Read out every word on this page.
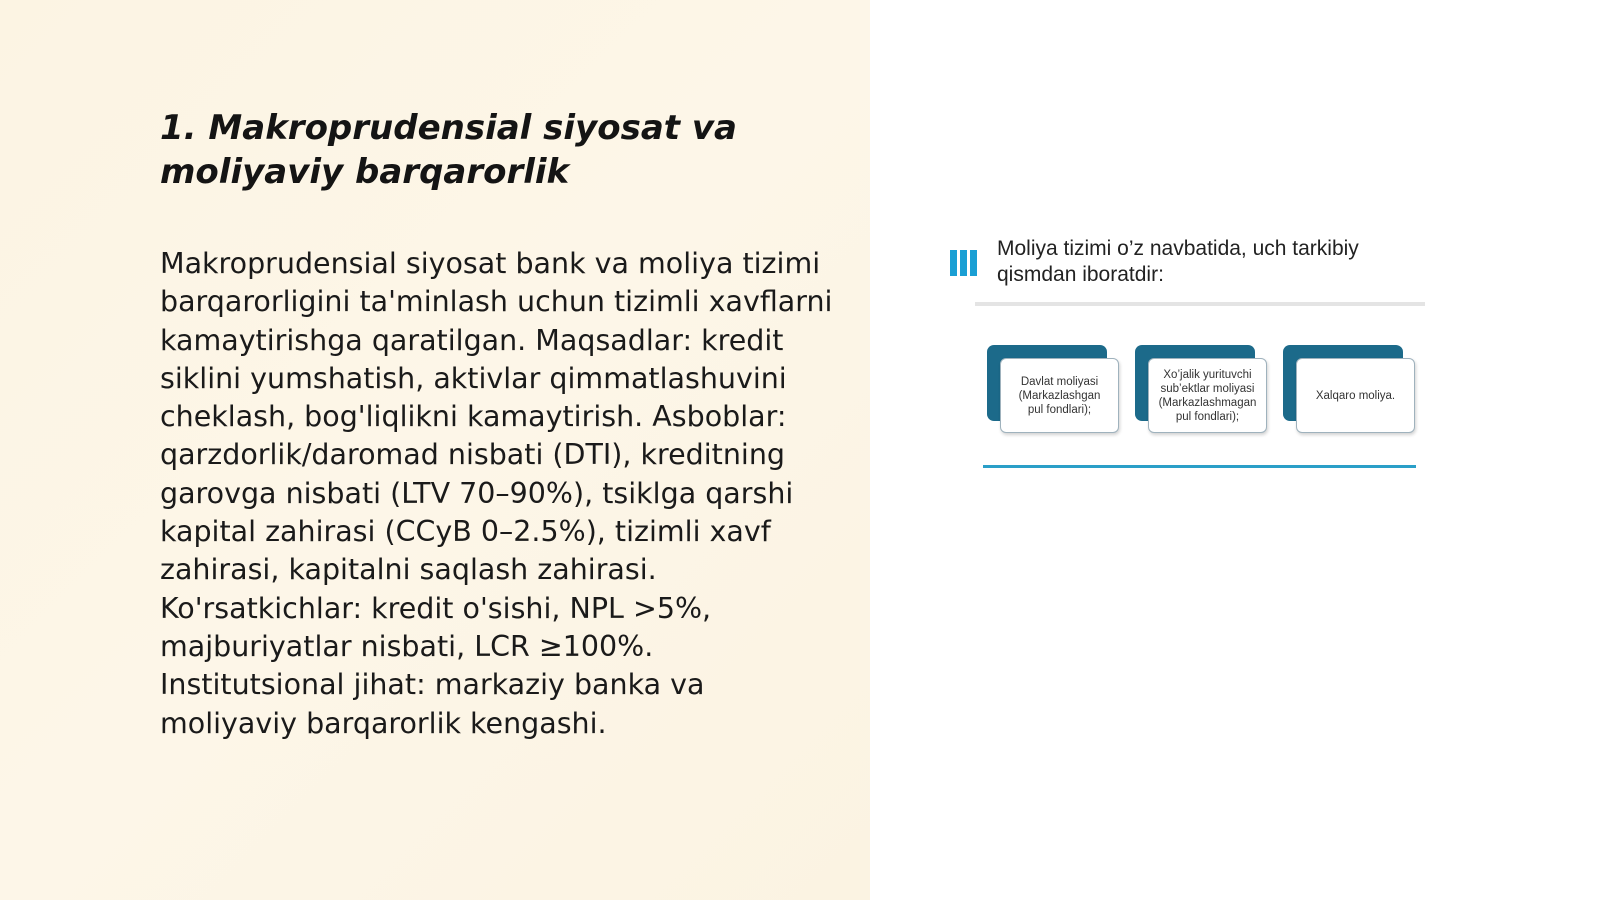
1. Makroprudensial siyosat va moliyaviy barqarorlik

Makroprudensial siyosat bank va moliya tizimi barqarorligini ta'minlash uchun tizimli xavflarni kamaytirishga qaratilgan. Maqsadlar: kredit siklini yumshatish, aktivlar qimmatlashuvini cheklash, bog'liqlikni kamaytirish. Asboblar: qarzdorlik/daromad nisbati (DTI), kreditning garovga nisbati (LTV 70–90%), tsiklga qarshi kapital zahirasi (CCyB 0–2.5%), tizimli xavf zahirasi, kapitalni saqlash zahirasi. Ko'rsatkichlar: kredit o'sishi, NPL >5%, majburiyatlar nisbati, LCR ≥100%. Institutsional jihat: markaziy banka va moliyaviy barqarorlik kengashi.

Moliya tizimi o’z navbatida, uch tarkibiy qismdan iboratdir:

Davlat moliyasi
(Markazlashgan
pul fondlari);
Xo’jalik yurituvchi
sub’ektlar moliyasi
(Markazlashmagan
pul fondlari);
Xalqaro moliya.
